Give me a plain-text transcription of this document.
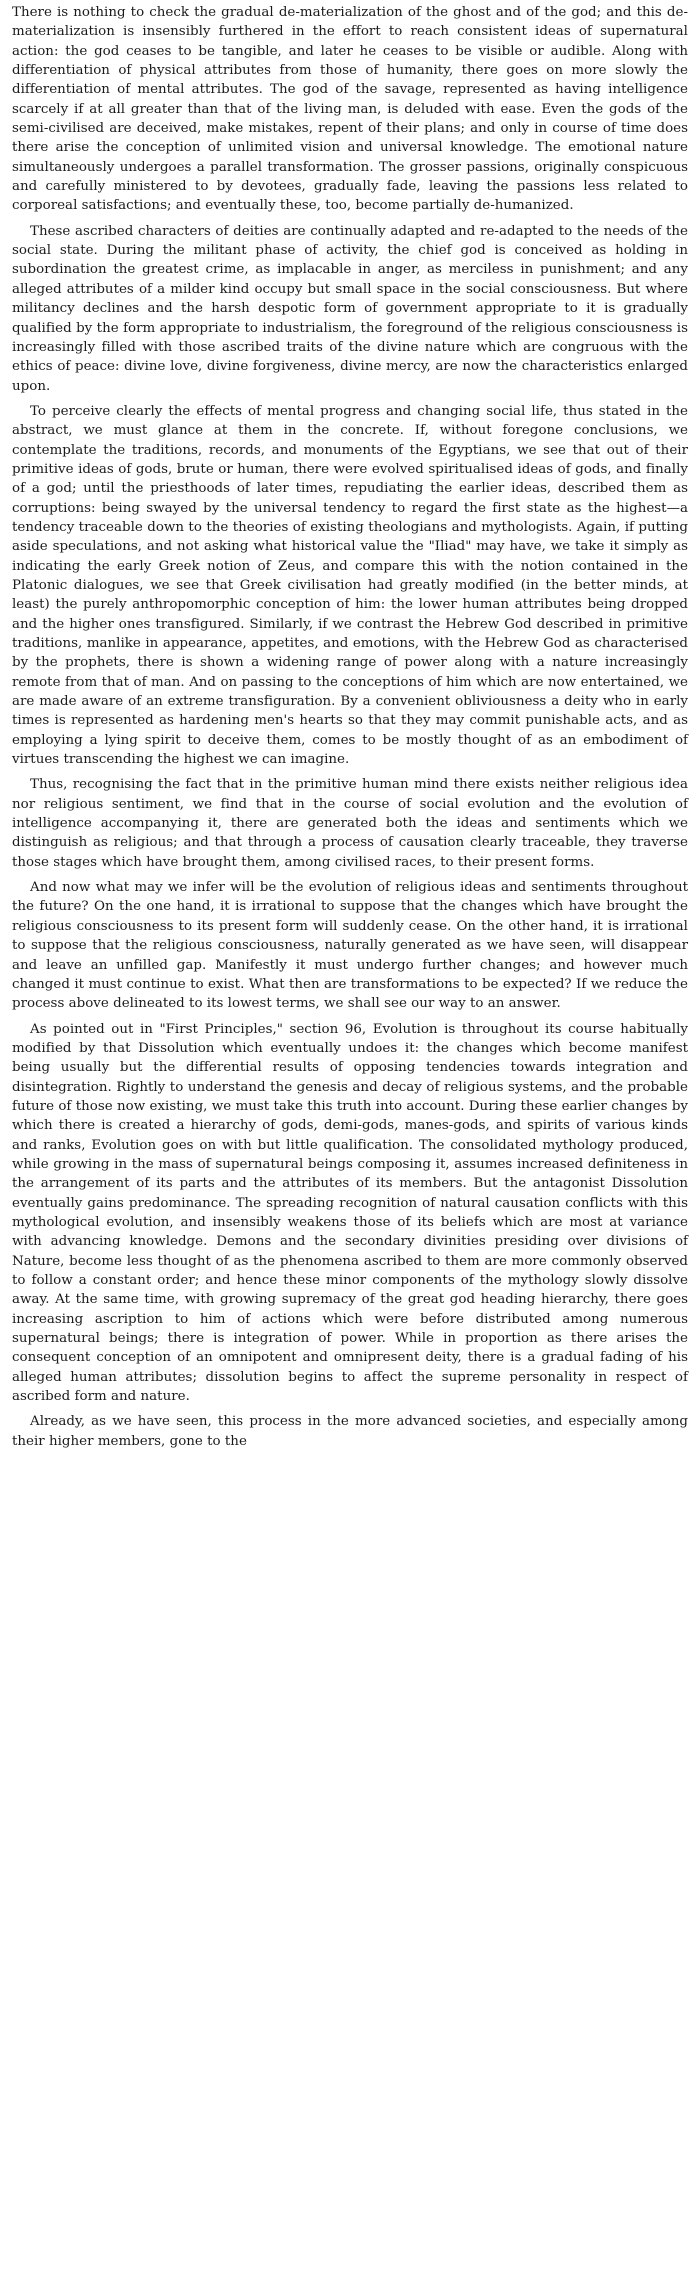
There is nothing to check the gradual de-materialization of the ghost and of the god; and this de-materialization is insensibly furthered in the effort to reach consistent ideas of supernatural action: the god ceases to be tangible, and later he ceases to be visible or audible. Along with differentiation of physical attributes from those of humanity, there goes on more slowly the differentiation of mental attributes. The god of the savage, represented as having intelligence scarcely if at all greater than that of the living man, is deluded with ease. Even the gods of the semi-civilised are deceived, make mistakes, repent of their plans; and only in course of time does there arise the conception of unlimited vision and universal knowledge. The emotional nature simultaneously undergoes a parallel transformation. The grosser passions, originally conspicuous and carefully ministered to by devotees, gradually fade, leaving the passions less related to corporeal satisfactions; and eventually these, too, become partially de-humanized.

These ascribed characters of deities are continually adapted and re-adapted to the needs of the social state. During the militant phase of activity, the chief god is conceived as holding in subordination the greatest crime, as implacable in anger, as merciless in punishment; and any alleged attributes of a milder kind occupy but small space in the social consciousness. But where militancy declines and the harsh despotic form of government appropriate to it is gradually qualified by the form appropriate to industrialism, the foreground of the religious consciousness is increasingly filled with those ascribed traits of the divine nature which are congruous with the ethics of peace: divine love, divine forgiveness, divine mercy, are now the characteristics enlarged upon.

To perceive clearly the effects of mental progress and changing social life, thus stated in the abstract, we must glance at them in the concrete. If, without foregone conclusions, we contemplate the traditions, records, and monuments of the Egyptians, we see that out of their primitive ideas of gods, brute or human, there were evolved spiritualised ideas of gods, and finally of a god; until the priesthoods of later times, repudiating the earlier ideas, described them as corruptions: being swayed by the universal tendency to regard the first state as the highest—a tendency traceable down to the theories of existing theologians and mythologists. Again, if putting aside speculations, and not asking what historical value the "Iliad" may have, we take it simply as indicating the early Greek notion of Zeus, and compare this with the notion contained in the Platonic dialogues, we see that Greek civilisation had greatly modified (in the better minds, at least) the purely anthropomorphic conception of him: the lower human attributes being dropped and the higher ones transfigured. Similarly, if we contrast the Hebrew God described in primitive traditions, manlike in appearance, appetites, and emotions, with the Hebrew God as characterised by the prophets, there is shown a widening range of power along with a nature increasingly remote from that of man. And on passing to the conceptions of him which are now entertained, we are made aware of an extreme transfiguration. By a convenient obliviousness a deity who in early times is represented as hardening men's hearts so that they may commit punishable acts, and as employing a lying spirit to deceive them, comes to be mostly thought of as an embodiment of virtues transcending the highest we can imagine.

Thus, recognising the fact that in the primitive human mind there exists neither religious idea nor religious sentiment, we find that in the course of social evolution and the evolution of intelligence accompanying it, there are generated both the ideas and sentiments which we distinguish as religious; and that through a process of causation clearly traceable, they traverse those stages which have brought them, among civilised races, to their present forms.

And now what may we infer will be the evolution of religious ideas and sentiments throughout the future? On the one hand, it is irrational to suppose that the changes which have brought the religious consciousness to its present form will suddenly cease. On the other hand, it is irrational to suppose that the religious consciousness, naturally generated as we have seen, will disappear and leave an unfilled gap. Manifestly it must undergo further changes; and however much changed it must continue to exist. What then are transformations to be expected? If we reduce the process above delineated to its lowest terms, we shall see our way to an answer.

As pointed out in "First Principles," section 96, Evolution is throughout its course habitually modified by that Dissolution which eventually undoes it: the changes which become manifest being usually but the differential results of opposing tendencies towards integration and disintegration. Rightly to understand the genesis and decay of religious systems, and the probable future of those now existing, we must take this truth into account. During these earlier changes by which there is created a hierarchy of gods, demi-gods, manes-gods, and spirits of various kinds and ranks, Evolution goes on with but little qualification. The consolidated mythology produced, while growing in the mass of supernatural beings composing it, assumes increased definiteness in the arrangement of its parts and the attributes of its members. But the antagonist Dissolution eventually gains predominance. The spreading recognition of natural causation conflicts with this mythological evolution, and insensibly weakens those of its beliefs which are most at variance with advancing knowledge. Demons and the secondary divinities presiding over divisions of Nature, become less thought of as the phenomena ascribed to them are more commonly observed to follow a constant order; and hence these minor components of the mythology slowly dissolve away. At the same time, with growing supremacy of the great god heading hierarchy, there goes increasing ascription to him of actions which were before distributed among numerous supernatural beings; there is integration of power. While in proportion as there arises the consequent conception of an omnipotent and omnipresent deity, there is a gradual fading of his alleged human attributes; dissolution begins to affect the supreme personality in respect of ascribed form and nature.

Already, as we have seen, this process in the more advanced societies, and especially among their higher members, gone to the
